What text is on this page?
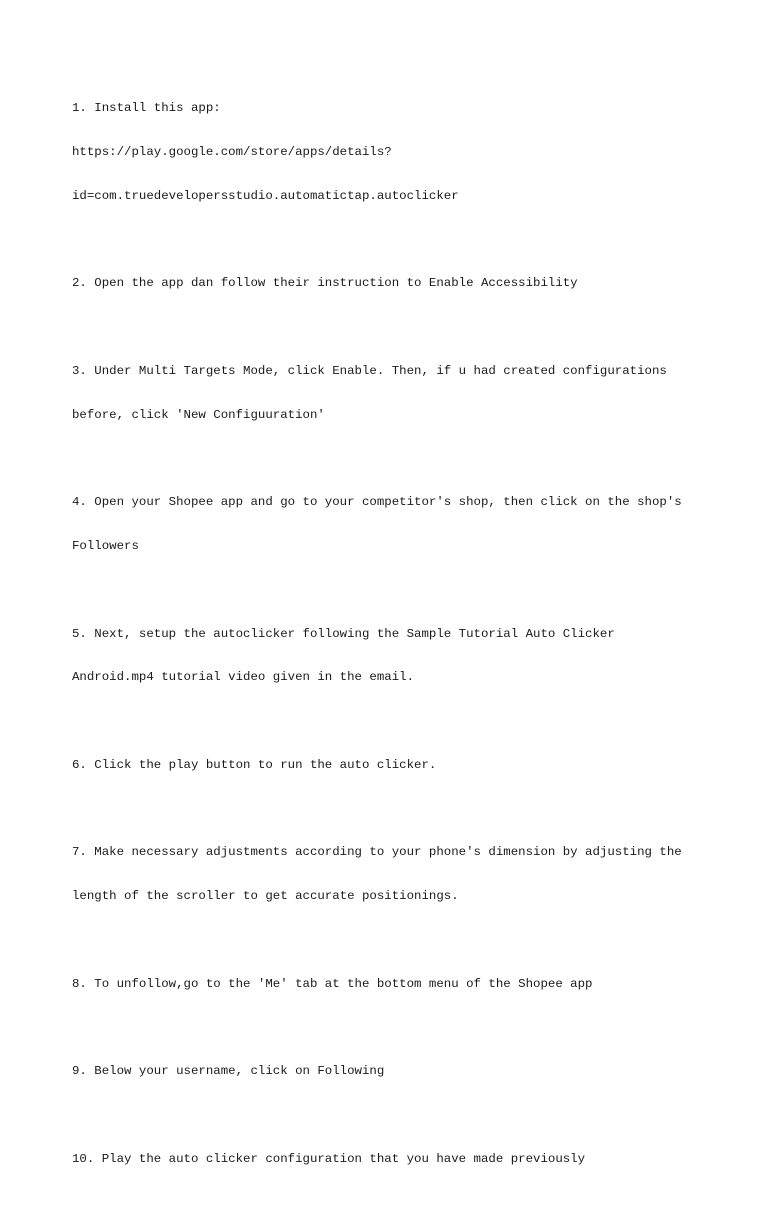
1. Install this app:

https://play.google.com/store/apps/details?

id=com.truedevelopersstudio.automatictap.autoclicker

2. Open the app dan follow their instruction to Enable Accessibility

3. Under Multi Targets Mode, click Enable. Then, if u had created configurations

before, click 'New Configuuration'

4. Open your Shopee app and go to your competitor's shop, then click on the shop's

Followers

5. Next, setup the autoclicker following the Sample Tutorial Auto Clicker

Android.mp4 tutorial video given in the email.

6. Click the play button to run the auto clicker.

7. Make necessary adjustments according to your phone's dimension by adjusting the

length of the scroller to get accurate positionings.

8. To unfollow,go to the 'Me' tab at the bottom menu of the Shopee app

9. Below your username, click on Following

10. Play the auto clicker configuration that you have made previously
